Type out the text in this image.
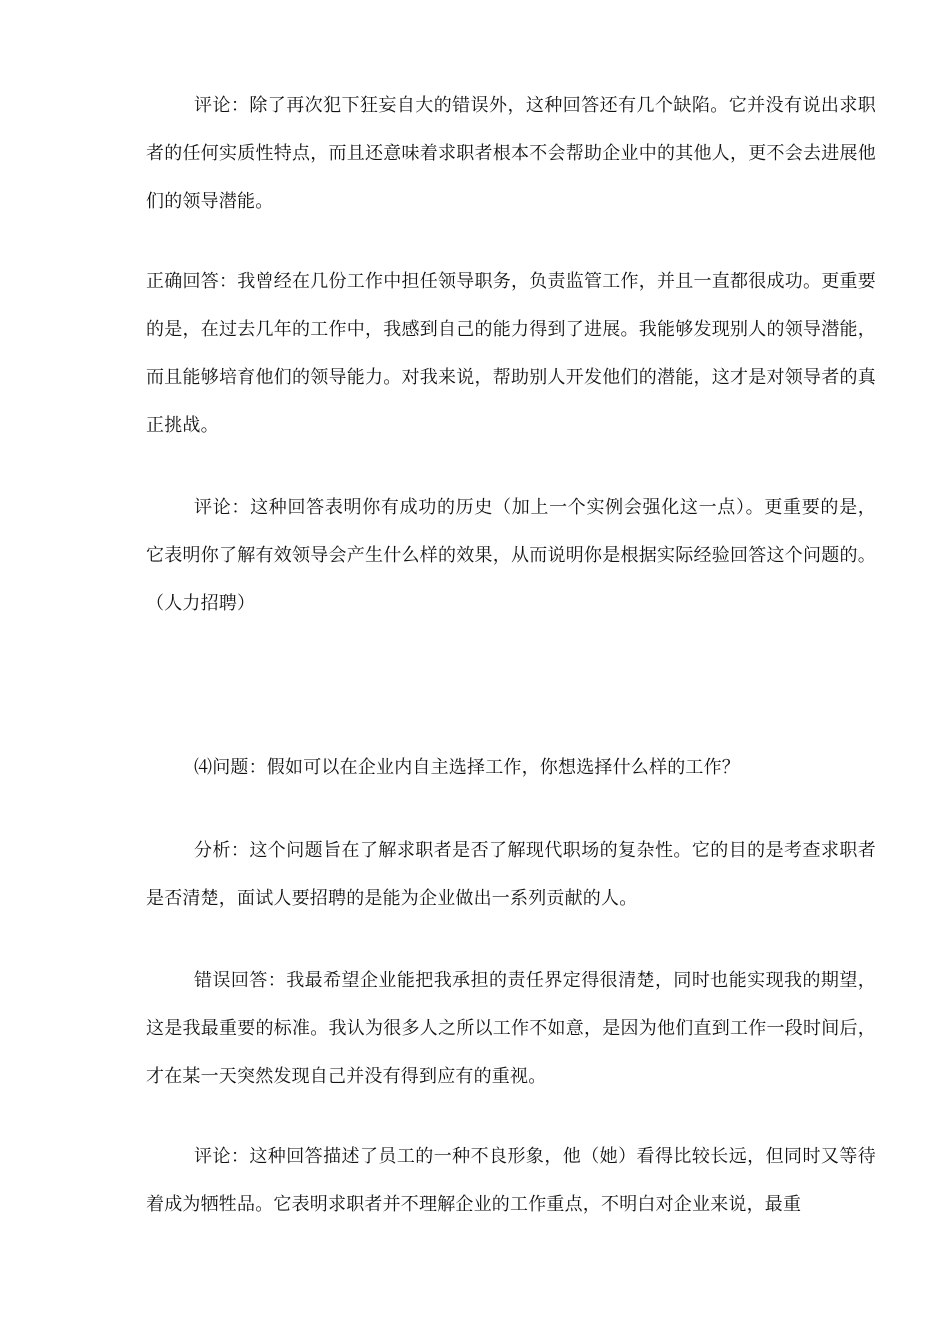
评论：除了再次犯下狂妄自大的错误外，这种回答还有几个缺陷。它并没有说出求职者的任何实质性特点，而且还意味着求职者根本不会帮助企业中的其他人，更不会去进展他们的领导潜能。

正确回答：我曾经在几份工作中担任领导职务，负责监管工作，并且一直都很成功。更重要的是，在过去几年的工作中，我感到自己的能力得到了进展。我能够发现别人的领导潜能，而且能够培育他们的领导能力。对我来说，帮助别人开发他们的潜能，这才是对领导者的真正挑战。

评论：这种回答表明你有成功的历史（加上一个实例会强化这一点）。更重要的是，它表明你了解有效领导会产生什么样的效果，从而说明你是根据实际经验回答这个问题的。（人力招聘）

⑷问题：假如可以在企业内自主选择工作，你想选择什么样的工作？

分析：这个问题旨在了解求职者是否了解现代职场的复杂性。它的目的是考查求职者是否清楚，面试人要招聘的是能为企业做出一系列贡献的人。

错误回答：我最希望企业能把我承担的责任界定得很清楚，同时也能实现我的期望，这是我最重要的标准。我认为很多人之所以工作不如意，是因为他们直到工作一段时间后，才在某一天突然发现自己并没有得到应有的重视。

评论：这种回答描述了员工的一种不良形象，他（她）看得比较长远，但同时又等待着成为牺牲品。它表明求职者并不理解企业的工作重点，不明白对企业来说，最重
